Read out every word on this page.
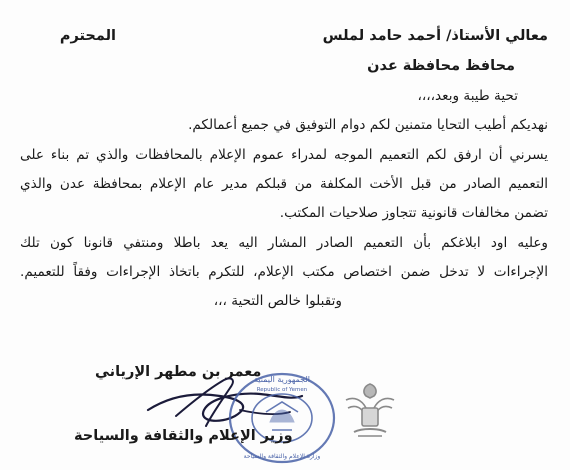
معالي الأستاذ/ أحمد حامد لملس
المحترم
محافظ محافظة عدن
تحية طيبة وبعد،،،،
نهديكم أطيب التحايا متمنين لكم دوام التوفيق في جميع أعمالكم.
يسرني أن ارفق لكم التعميم الموجه لمدراء عموم الإعلام بالمحافظات والذي تم بناء على
التعميم الصادر من قبل الأخت المكلفة من قبلكم مدير عام الإعلام بمحافظة عدن والذي
تضمن مخالفات قانونية تتجاوز صلاحيات المكتب.
وعليه اود ابلاغكم بأن التعميم الصادر المشار اليه يعد باطلا ومنتفي قانونا كون تلك
الإجراءات لا تدخل ضمن اختصاص مكتب الإعلام، للتكرم باتخاذ الإجراءات وفقاً للتعميم.
وتقبلوا خالص التحية ،،،
معمر بن مطهر الإرياني
الجمهورية اليمنية
Republic of Yemen
وزارة الإعلام والثقافة والسياحة
وزير الإعلام والثقافة والسياحة
